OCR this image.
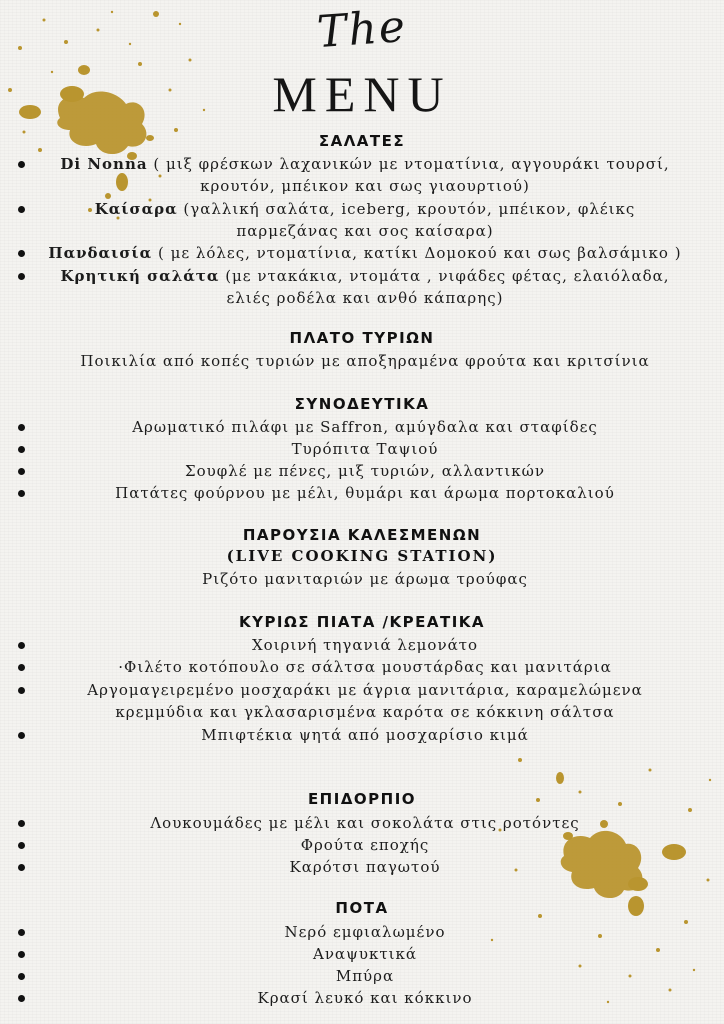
The
MENU
ΣΑΛΑΤΕΣ
Di Nonna ( μιξ φρέσκων λαχανικών με ντοματίνια, αγγουράκι τουρσί,
κρουτόν, μπέικον και σως γιαουρτιού)
Καίσαρα (γαλλική σαλάτα, iceberg, κρουτόν, μπέικον, φλέικς
παρμεζάνας και σος καίσαρα)
Πανδαισία ( με λόλες, ντοματίνια, κατίκι Δομοκού και σως βαλσάμικο )
Κρητική σαλάτα (με ντακάκια, ντομάτα , νιφάδες φέτας, ελαιόλαδα,
ελιές ροδέλα και ανθό κάπαρης)
ΠΛΑΤΟ ΤΥΡΙΩΝ
Ποικιλία από κοπές τυριών με αποξηραμένα φρούτα και κριτσίνια
ΣΥΝΟΔΕΥΤΙΚΑ
Αρωματικό πιλάφι με Saffron, αμύγδαλα και σταφίδες
Τυρόπιτα Ταψιού
Σουφλέ με πένες, μιξ τυριών, αλλαντικών
Πατάτες φούρνου με μέλι, θυμάρι και άρωμα πορτοκαλιού
ΠΑΡΟΥΣΙΑ ΚΑΛΕΣΜΕΝΩΝ
(LIVE COOKING STATION)
Ριζότο μανιταριών με άρωμα τρούφας
ΚΥΡΙΩΣ ΠΙΑΤΑ /ΚΡΕΑΤΙΚΑ
Χοιρινή τηγανιά λεμονάτο
·Φιλέτο κοτόπουλο σε σάλτσα μουστάρδας και μανιτάρια
Αργομαγειρεμένο μοσχαράκι με άγρια μανιτάρια, καραμελώμενα
κρεμμύδια και γκλασαρισμένα καρότα σε κόκκινη σάλτσα
Μπιφτέκια ψητά από μοσχαρίσιο κιμά
ΕΠΙΔΟΡΠΙΟ
Λουκουμάδες με μέλι και σοκολάτα στις ροτόντες
Φρούτα εποχής
Καρότσι παγωτού
ΠΟΤΑ
Νερό εμφιαλωμένο
Αναψυκτικά
Μπύρα
Κρασί λευκό και κόκκινο
